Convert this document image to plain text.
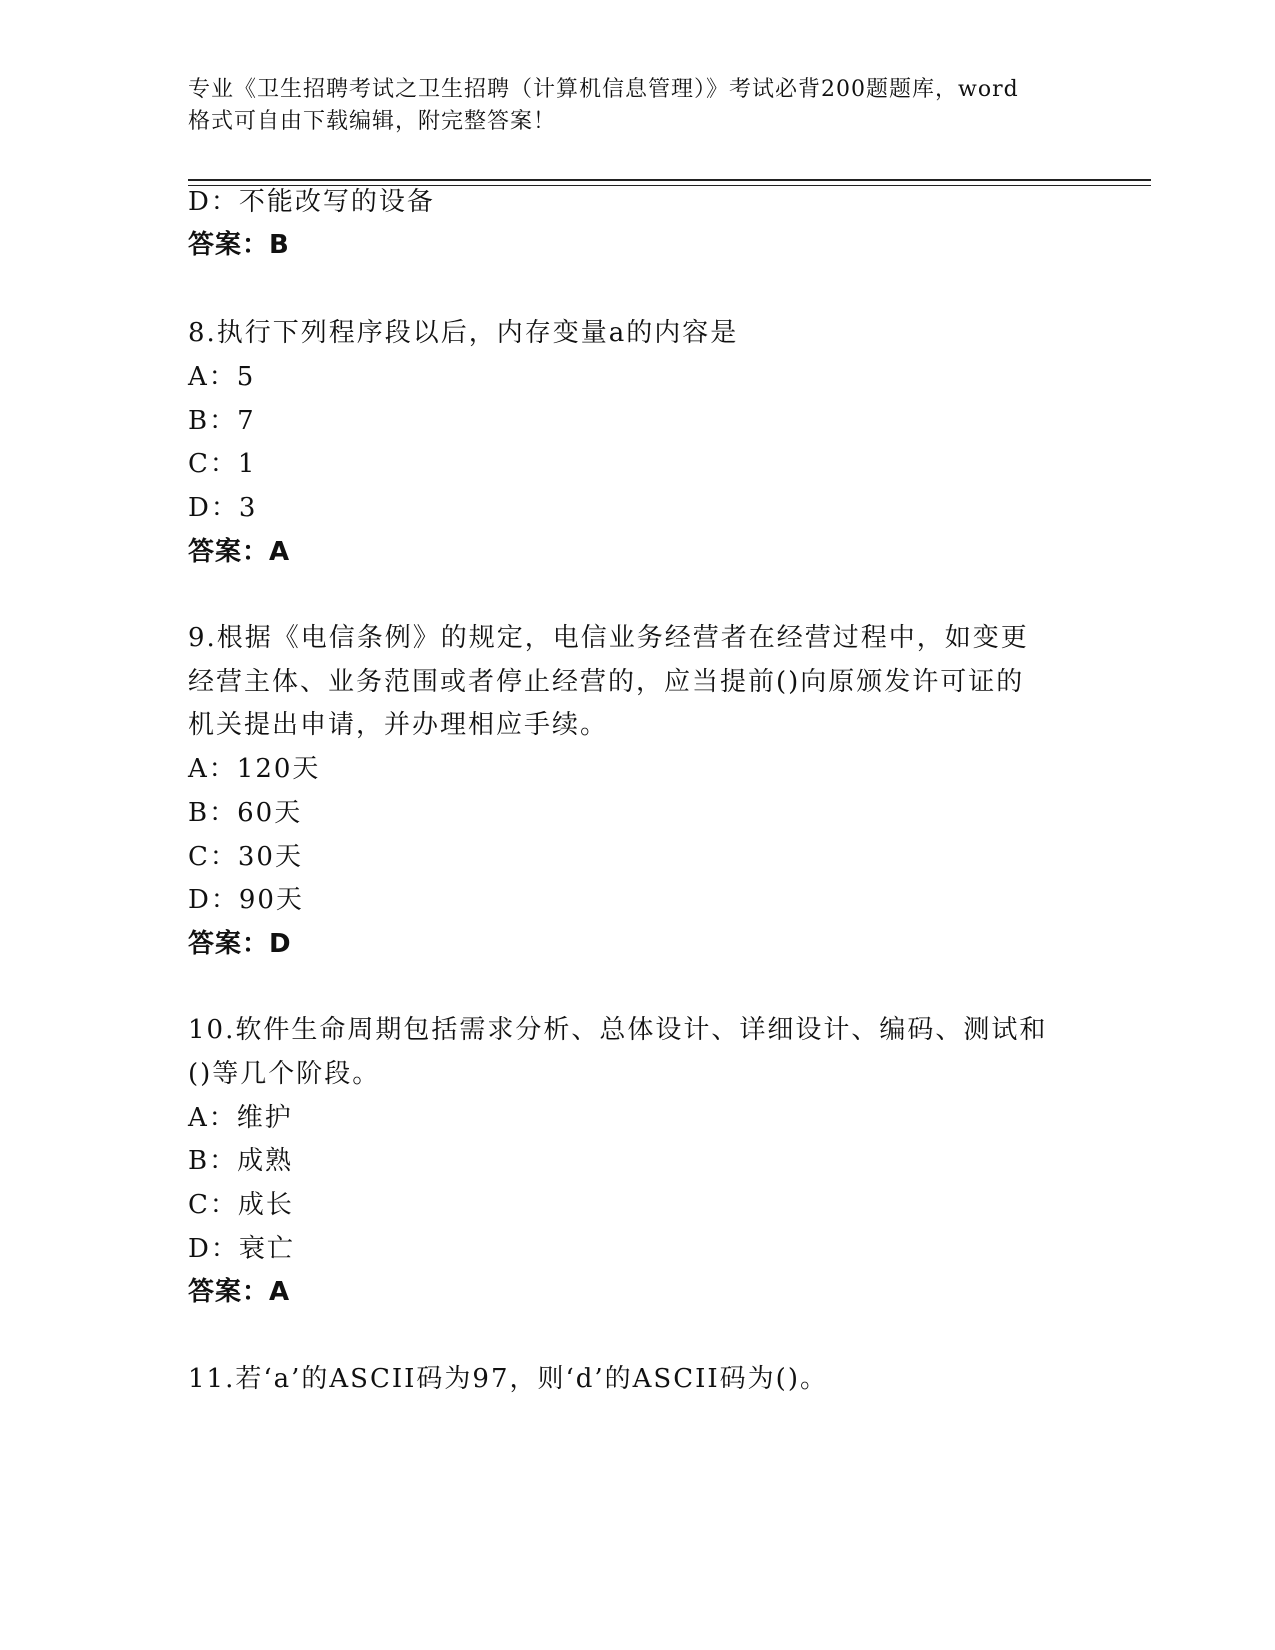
专业《卫生招聘考试之卫生招聘（计算机信息管理）》考试必背200题题库，word
格式可自由下载编辑，附完整答案！
D：不能改写的设备
答案：B
8.执行下列程序段以后，内存变量a的内容是
A：5
B：7
C：1
D：3
答案：A
9.根据《电信条例》的规定，电信业务经营者在经营过程中，如变更
经营主体、业务范围或者停止经营的，应当提前()向原颁发许可证的
机关提出申请，并办理相应手续。
A：120天
B：60天
C：30天
D：90天
答案：D
10.软件生命周期包括需求分析、总体设计、详细设计、编码、测试和
()等几个阶段。
A：维护
B：成熟
C：成长
D：衰亡
答案：A
11.若‘a’的ASCII码为97，则‘d’的ASCII码为()。
